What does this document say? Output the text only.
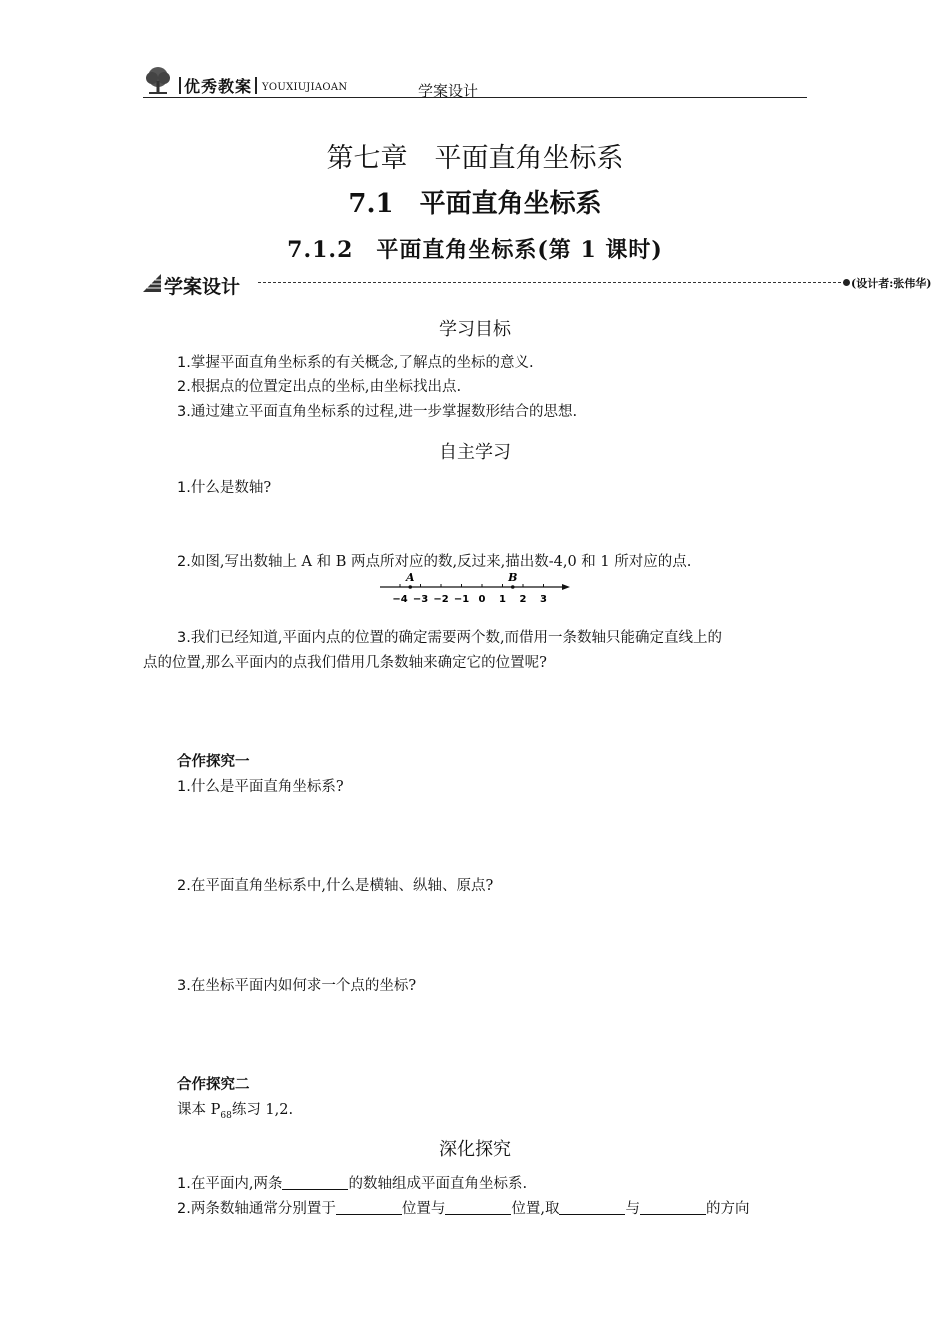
优秀教案 YOUXIUJIAOAN	学案设计
第七章　平面直角坐标系
7.1　平面直角坐标系
7.1.2　平面直角坐标系(第 1 课时)
学案设计	(设计者:张伟华)
学习目标
1.掌握平面直角坐标系的有关概念,了解点的坐标的意义.
2.根据点的位置定出点的坐标,由坐标找出点.
3.通过建立平面直角坐标系的过程,进一步掌握数形结合的思想.
自主学习
1.什么是数轴?
2.如图,写出数轴上 A 和 B 两点所对应的数,反过来,描出数-4,0 和 1 所对应的点.
−4 −3 −2 −1 0 1 2 3
A	B
3.我们已经知道,平面内点的位置的确定需要两个数,而借用一条数轴只能确定直线上的
点的位置,那么平面内的点我们借用几条数轴来确定它的位置呢?
合作探究一
1.什么是平面直角坐标系?
2.在平面直角坐标系中,什么是横轴、纵轴、原点?
3.在坐标平面内如何求一个点的坐标?
合作探究二
课本 $P_{68}$练习 1,2.
深化探究
1.在平面内,两条	的数轴组成平面直角坐标系.
2.两条数轴通常分别置于	位置与	位置,取	与	的方向
